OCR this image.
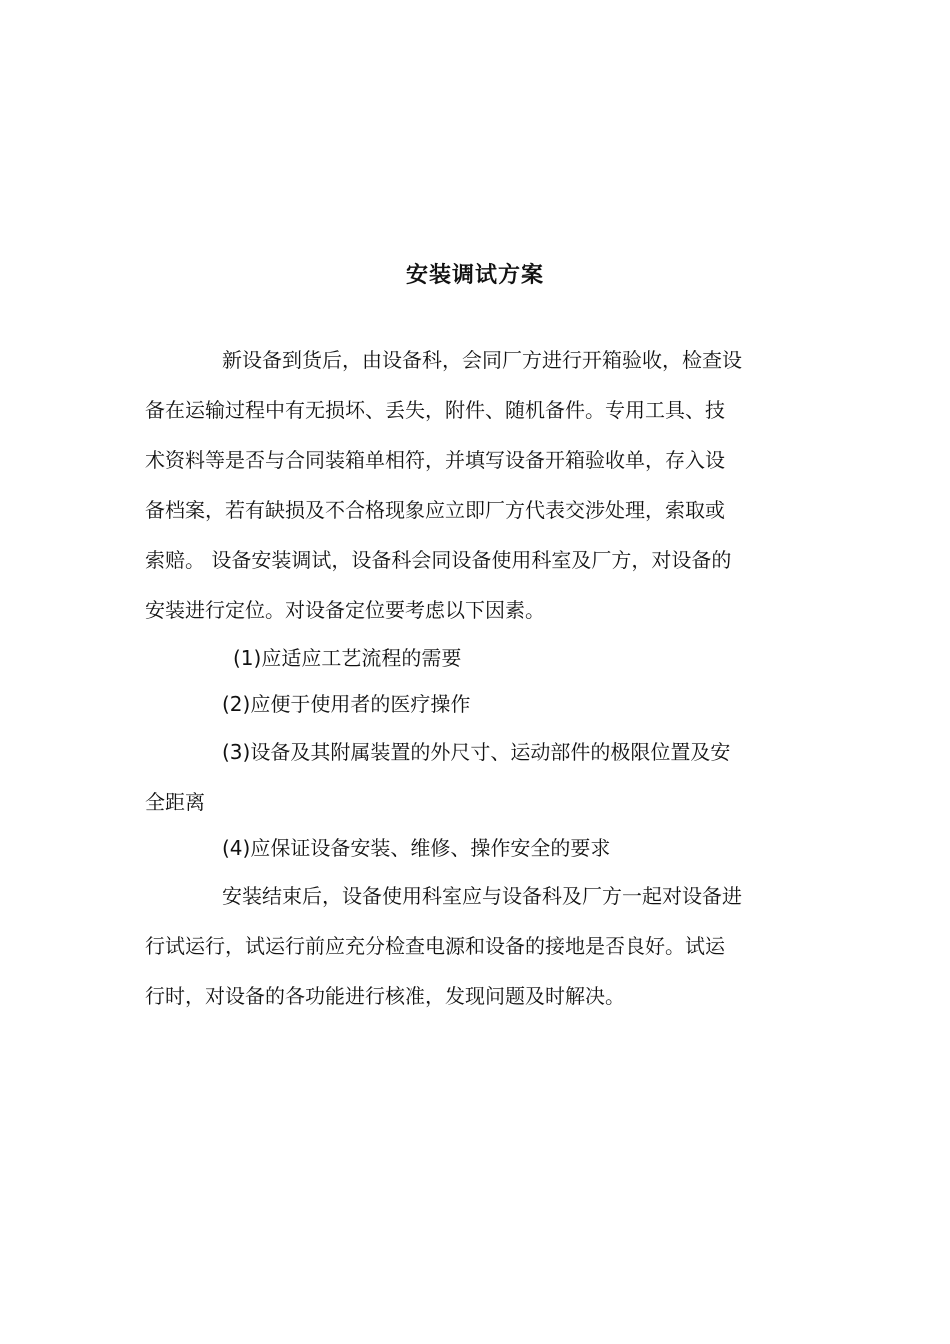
安装调试方案
新设备到货后，由设备科，会同厂方进行开箱验收，检查设
备在运输过程中有无损坏、丢失，附件、随机备件。专用工具、技
术资料等是否与合同装箱单相符，并填写设备开箱验收单，存入设
备档案，若有缺损及不合格现象应立即厂方代表交涉处理，索取或
索赔。 设备安装调试，设备科会同设备使用科室及厂方，对设备的
安装进行定位。对设备定位要考虑以下因素。
(1)应适应工艺流程的需要
(2)应便于使用者的医疗操作
(3)设备及其附属装置的外尺寸、运动部件的极限位置及安
全距离
(4)应保证设备安装、维修、操作安全的要求
安装结束后，设备使用科室应与设备科及厂方一起对设备进
行试运行，试运行前应充分检查电源和设备的接地是否良好。试运
行时，对设备的各功能进行核准，发现问题及时解决。
